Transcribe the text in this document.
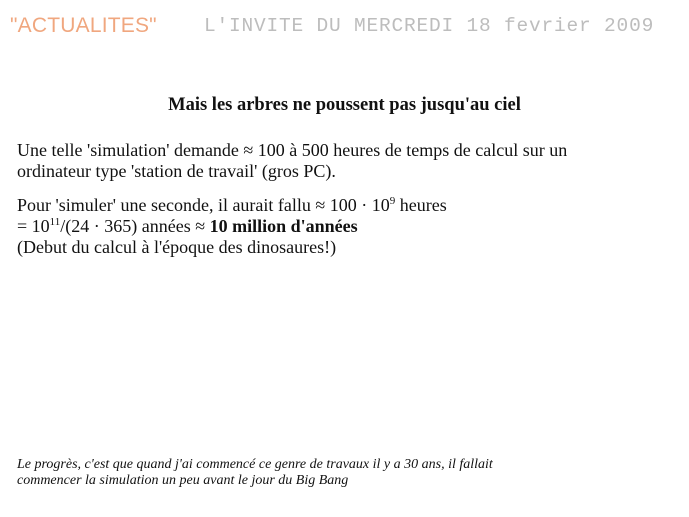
"ACTUALITES" L'INVITE DU MERCREDI 18 fevrier 2009
Mais les arbres ne poussent pas jusqu'au ciel
Une telle 'simulation' demande ≈ 100 à 500 heures de temps de calcul sur un
ordinateur type 'station de travail' (gros PC).
Pour 'simuler' une seconde, il aurait fallu ≈ $100 \cdot 10^9$ heures
= $10^{11}/(24 \cdot 365)$ années ≈ 10 million d'années
(Debut du calcul à l'époque des dinosaures!)
Le progrès, c'est que quand j'ai commencé ce genre de travaux il y a 30 ans, il fallait
commencer la simulation un peu avant le jour du Big Bang
